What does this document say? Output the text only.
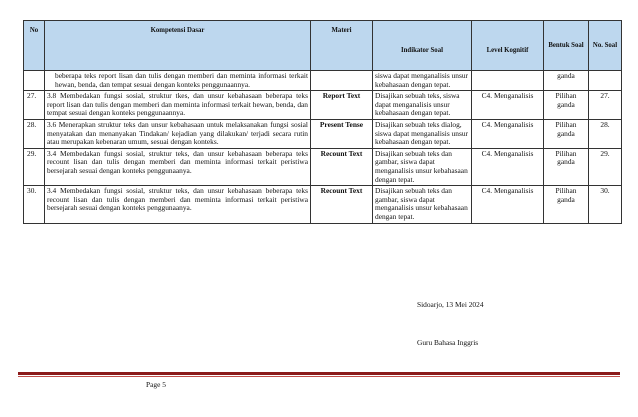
No	Kompetensi Dasar	Materi	Indikator Soal	Level Kognitif	Bentuk Soal	No. Soal
	beberapa teks report lisan dan tulis dengan memberi dan meminta informasi terkait hewan, benda, dan tempat sesuai dengan konteks penggunaannya.		siswa dapat menganalisis unsur kebahasaan dengan tepat.		ganda	
27.	3.8 Membedakan fungsi sosial, struktur tkes, dan unsur kebahasaan beberapa teks report lisan dan tulis dengan memberi dan meminta informasi terkait hewan, benda, dan tempat sesuai dengan konteks penggunaannya.	Report Text	Disajikan sebuah teks, siswa dapat menganalisis unsur kebahasaan dengan tepat.	C4. Menganalisis	Pilihan ganda	27.
28.	3.6 Menerapkan struktur teks dan unsur kebahasaan untuk melaksanakan fungsi sosial menyatakan dan menanyakan Tindakan/ kejadian yang dilakukan/ terjadi secara rutin atau merupakan kebenaran umum, sesuai dengan konteks.	Present Tense	Disajikan sebuah teks dialog, siswa dapat menganalisis unsur kebahasaan dengan tepat.	C4. Menganalisis	Pilihan ganda	28.
29.	3.4 Membedakan fungsi sosial, struktur teks, dan unsur kebahasaan beberapa teks recount lisan dan tulis dengan memberi dan meminta informasi terkait peristiwa bersejarah sesuai dengan konteks penggunaanya.	Recount Text	Disajikan sebuah teks dan gambar, siswa dapat menganalisis unsur kebahasaan dengan tepat.	C4. Menganalisis	Pilihan ganda	29.
30.	3.4 Membedakan fungsi sosial, struktur teks, dan unsur kebahasaan beberapa teks recount lisan dan tulis dengan memberi dan meminta informasi terkait peristiwa bersejarah sesuai dengan konteks penggunaanya.	Recount Text	Disajikan sebuah teks dan gambar, siswa dapat menganalisis unsur kebahasaan dengan tepat.	C4. Menganalisis	Pilihan ganda	30.
Sidoarjo, 13 Mei 2024
Guru Bahasa Inggris
Page 5
